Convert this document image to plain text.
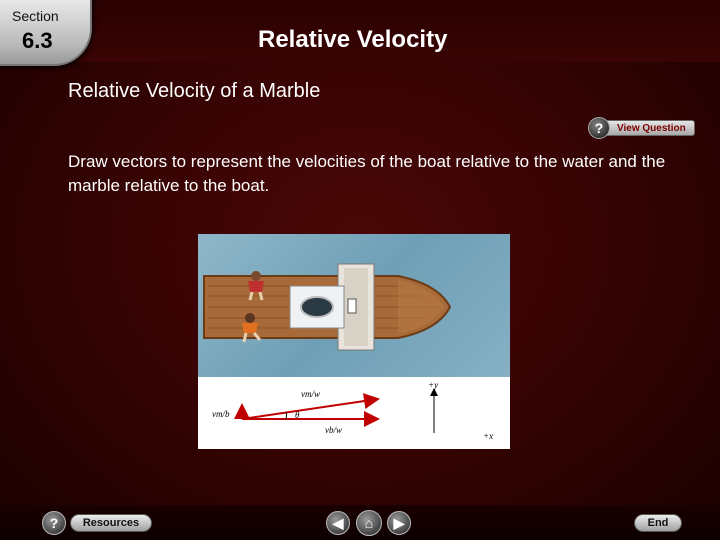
Section
6.3	Relative Velocity
Relative Velocity of a Marble
?	View Question
Draw vectors to represent the velocities of the boat relative to the water and the marble relative to the boat.
vm/b
vm/w
vb/w
θ
+y
+x
?	Resources	◀ ⌂ ▶	End
